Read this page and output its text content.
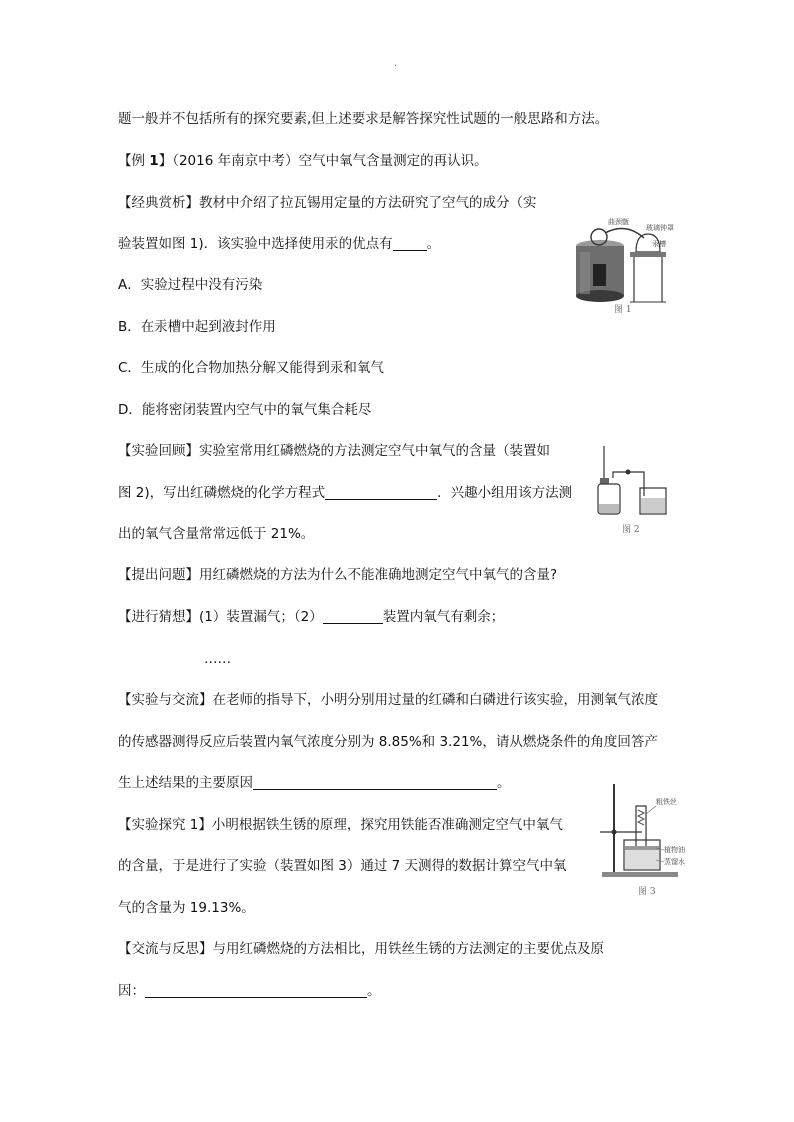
.
题一般并不包括所有的探究要素,但上述要求是解答探究性试题的一般思路和方法。
【例 1】（2016 年南京中考）空气中氧气含量测定的再认识。
【经典赏析】教材中介绍了拉瓦锡用定量的方法研究了空气的成分（实
验装置如图 1)．该实验中选择使用汞的优点有	。
A．实验过程中没有污染
B．在汞槽中起到液封作用
C．生成的化合物加热分解又能得到汞和氧气
D．能将密闭装置内空气中的氧气集合耗尽
【实验回顾】实验室常用红磷燃烧的方法测定空气中氧气的含量（装置如
图 2)，写出红磷燃烧的化学方程式	．兴趣小组用该方法测
出的氧气含量常常远低于 21%。
【提出问题】用红磷燃烧的方法为什么不能准确地测定空气中氧气的含量?
【进行猜想】(1）装置漏气；（2）	装置内氧气有剩余；
……
【实验与交流】在老师的指导下，小明分别用过量的红磷和白磷进行该实验，用测氧气浓度
的传感器测得反应后装置内氧气浓度分别为 8.85%和 3.21%，请从燃烧条件的角度回答产
生上述结果的主要原因	。
【实验探究 1】小明根据铁生锈的原理，探究用铁能否准确测定空气中氧气
的含量，于是进行了实验（装置如图 3）通过 7 天测得的数据计算空气中氧
气的含量为 19.13%。
【交流与反思】与用红磷燃烧的方法相比，用铁丝生锈的方法测定的主要优点及原
因：	。
曲颈甑
玻璃钟罩
汞槽
图 1
图 2
粗铁丝
植物油
蒸馏水
图 3
